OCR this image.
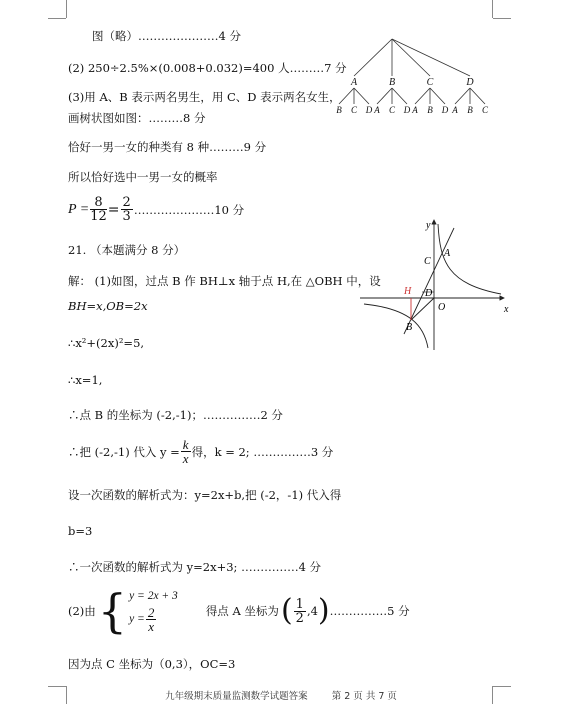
图（略）…………………4 分
(2) 250÷2.5%×(0.008+0.032)=400 人………7 分
(3)用 A、B 表示两名男生，用 C、D 表示两名女生，
画树状图如图：………8 分
恰好一男一女的种类有 8 种………9 分
所以恰好选中一男一女的概率
$P = \frac{8}{12} = \frac{2}{3}$ …………………10 分
21. （本题满分 8 分）
解： (1)如图，过点 B 作 BH⊥x 轴于点 H,在 △OBH 中，设
BH=x,OB=2x
∴x²+(2x)²=5,
∴x=1,
∴点 B 的坐标为 (-2,-1)；……………2 分
∴把 (-2,-1) 代入 $y = \frac{k}{x}$ 得，k = 2; ……………3 分
设一次函数的解析式为：y=2x+b,把 (-2，-1) 代入得
b=3
∴一次函数的解析式为 y=2x+3; ……………4 分
(2)由 { y = 2x + 3
$y = \frac{2}{x}$	得点 A 坐标为 ( $\frac{1}{2}$ , 4 ) ……………5 分
因为点 C 坐标为（0,3），OC=3
A	B	C	D
B C D A C D A B D A B C
y
x
A
C
D
H
O
B
九年级期末质量监测数学试题答案        第 2 页 共 7 页
